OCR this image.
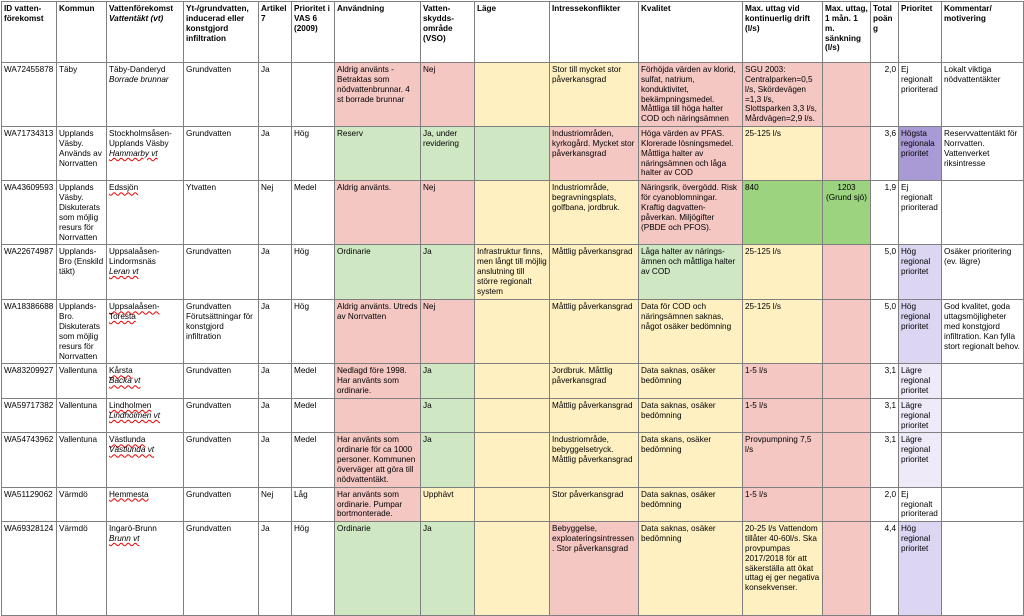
ID vatten-förekomst	Kommun	Vattenförekomst Vattentäkt (vt)	Yt-/grundvatten, inducerad eller konstgjord infiltration	Artikel 7	Prioritet i VAS 6 (2009)	Användning	Vatten-skydds-område (VSO)	Läge	Intressekonflikter	Kvalitet	Max. uttag vid kontinuerlig drift (l/s)	Max. uttag, 1 mån. 1 m. sänkning (l/s)	Total poäng	Prioritet	Kommentar/ motivering
WA72455878	Täby	Täby-Danderyd
Borrade brunnar	Grundvatten	Ja		Aldrig använts - Betraktas som nödvattenbrunnar. 4 st borrade brunnar	Nej		Stor till mycket stor påverkansgrad	Förhöjda värden av klorid, sulfat, natrium, konduktivitet, bekämpningsmedel. Måttliga till höga halter COD och näringsämnen	SGU 2003: Centralparken=0,5 l/s, Skördevägen =1,3 l/s, Slottsparken 3,3 l/s, Mårdvägen=2,9 l/s.		2,0	Ej regionalt prioriterad	Lokalt viktiga nödvattentäkter
WA71734313	Upplands Väsby. Används av Norrvatten	Stockholmsåsen-Upplands Väsby
Hammarby vt	Grundvatten	Ja	Hög	Reserv	Ja, under revidering		Industriområden, kyrkogård. Mycket stor påverkansgrad	Höga värden av PFAS. Klorerade lösningsmedel. Måttliga halter av näringsämnen och låga halter av COD	25-125 l/s		3,6	Högsta regionala prioritet	Reservvattentäkt för Norrvatten. Vattenverket riksintresse
WA43609593	Upplands Väsby. Diskuterats som möjlig resurs för Norrvatten	Edssjön	Ytvatten	Nej	Medel	Aldrig använts.	Nej		Industriområde, begravningsplats, golfbana, jordbruk.	Näringsrik, övergödd. Risk för cyanoblomningar. Kraftig dagvatten-påverkan. Miljögifter (PBDE och PFOS).	840	1203 (Grund sjö)	1,9	Ej regionalt prioriterad	
WA22674987	Upplands-Bro (Enskild täkt)	Uppsalaåsen-Lindormsnäs
Leran vt	Grundvatten	Ja	Hög	Ordinarie	Ja	Infrastruktur finns, men långt till möjlig anslutning till större regionalt system	Måttlig påverkansgrad	Låga halter av närings-ämnen och måttliga halter av COD	25-125 l/s		5,0	Hög regional prioritet	Osäker prioritering (ev. lägre)
WA18386688	Upplands-Bro. Diskuterats som möjlig resurs för Norrvatten	Uppsalaåsen-Toresta	Grundvatten Förutsättningar för konstgjord infiltration	Ja	Hög	Aldrig använts. Utreds av Norrvatten	Nej		Måttlig påverkansgrad	Data för COD och näringsämnen saknas, något osäker bedömning	25-125 l/s		5,0	Hög regional prioritet	God kvalitet, goda uttagsmöjligheter med konstgjord infiltration. Kan fylla stort regionalt behov.
WA83209927	Vallentuna	Kårsta
Backa vt	Grundvatten	Ja	Medel	Nedlagd före 1998. Har använts som ordinarie.	Ja		Jordbruk. Måttlig påverkansgrad	Data saknas, osäker bedömning	1-5 l/s		3,1	Lägre regional prioritet	
WA59717382	Vallentuna	Lindholmen
Lindholmen vt	Grundvatten	Ja	Medel		Ja		Måttlig påverkansgrad	Data saknas, osäker bedömning	1-5 l/s		3,1	Lägre regional prioritet	
WA54743962	Vallentuna	Västlunda
Västlunda vt	Grundvatten	Ja	Medel	Har använts som ordinarie för ca 1000 personer. Kommunen överväger att göra till nödvattentäkt.	Ja		Industriområde, bebyggelsetryck. Måttlig påverkansgrad	Data skans, osäker bedömning	Provpumpning 7,5 l/s		3,1	Lägre regional prioritet	
WA51129062	Värmdö	Hemmesta	Grundvatten	Nej	Låg	Har använts som ordinarie. Pumpar bortmonterade.	Upphävt		Stor påverkansgrad	Data saknas, osäker bedömning	1-5 l/s		2,0	Ej regionalt prioriterad	
WA69328124	Värmdö	Ingarö-Brunn
Brunn vt	Grundvatten	Ja	Hög	Ordinarie	Ja		Bebyggelse, exploateringsintressen. Stor påverkansgrad	Data saknas, osäker bedömning	20-25 l/s Vattendom tillåter 40-60l/s. Ska provpumpas 2017/2018 för att säkerställa att ökat uttag ej ger negativa konsekvenser.		4,4	Hög regional prioritet	
